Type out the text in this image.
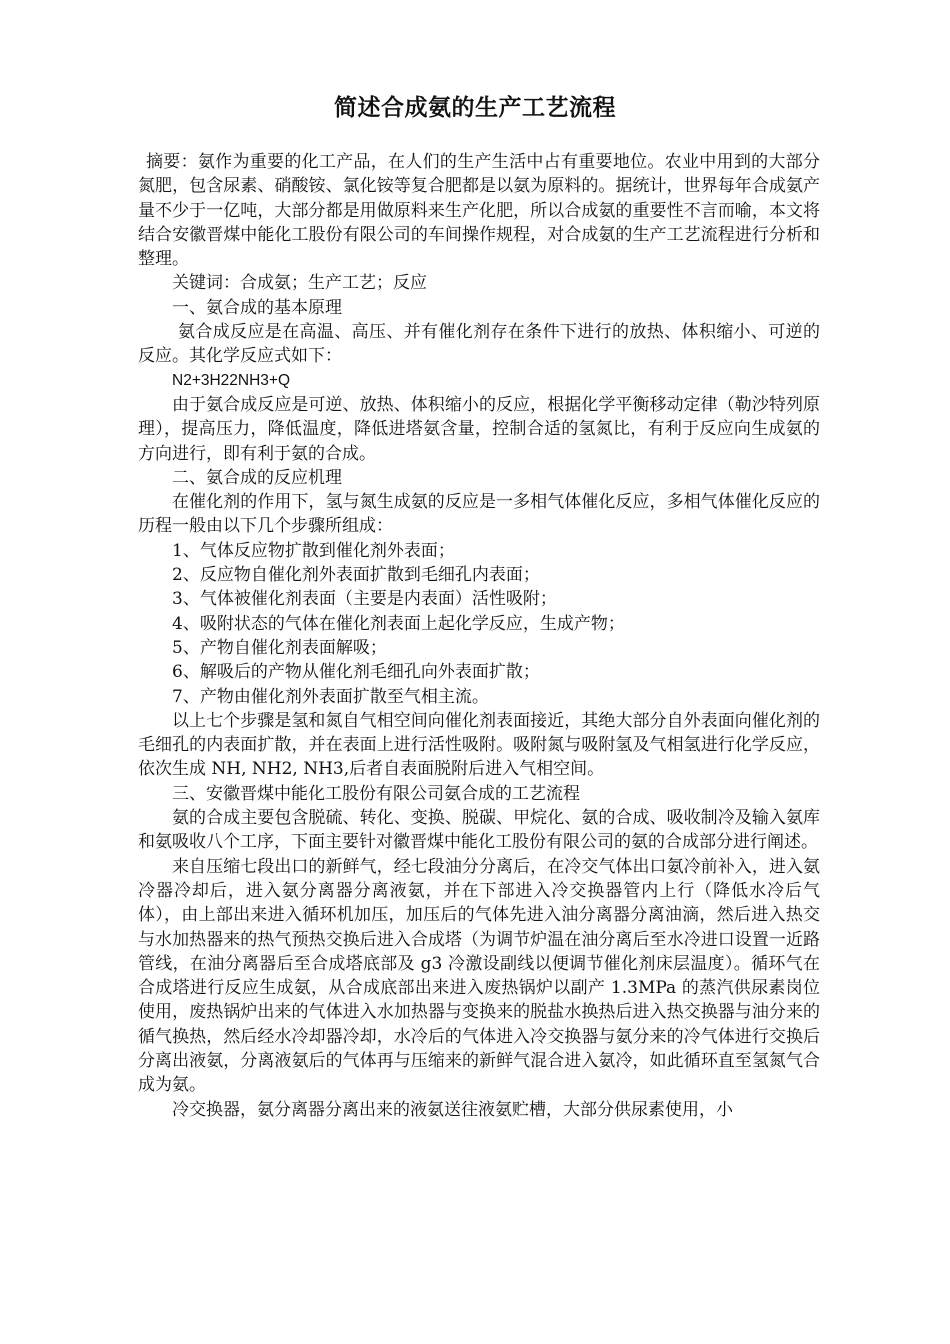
简述合成氨的生产工艺流程

摘要：氨作为重要的化工产品，在人们的生产生活中占有重要地位。农业中用到的大部分氮肥，包含尿素、硝酸铵、氯化铵等复合肥都是以氨为原料的。据统计，世界每年合成氨产量不少于一亿吨，大部分都是用做原料来生产化肥，所以合成氨的重要性不言而喻，本文将结合安徽晋煤中能化工股份有限公司的车间操作规程，对合成氨的生产工艺流程进行分析和整理。

关键词：合成氨；生产工艺；反应

一、氨合成的基本原理

氨合成反应是在高温、高压、并有催化剂存在条件下进行的放热、体积缩小、可逆的反应。其化学反应式如下：

N2+3H22NH3+Q

由于氨合成反应是可逆、放热、体积缩小的反应，根据化学平衡移动定律（勒沙特列原理），提高压力，降低温度，降低进塔氨含量，控制合适的氢氮比，有利于反应向生成氨的方向进行，即有利于氨的合成。

二、氨合成的反应机理

在催化剂的作用下，氢与氮生成氨的反应是一多相气体催化反应，多相气体催化反应的历程一般由以下几个步骤所组成：

1、气体反应物扩散到催化剂外表面；

2、反应物自催化剂外表面扩散到毛细孔内表面；

3、气体被催化剂表面（主要是内表面）活性吸附；

4、吸附状态的气体在催化剂表面上起化学反应，生成产物；

5、产物自催化剂表面解吸；

6、解吸后的产物从催化剂毛细孔向外表面扩散；

7、产物由催化剂外表面扩散至气相主流。

以上七个步骤是氢和氮自气相空间向催化剂表面接近，其绝大部分自外表面向催化剂的毛细孔的内表面扩散，并在表面上进行活性吸附。吸附氮与吸附氢及气相氢进行化学反应，依次生成 NH, NH2, NH3,后者自表面脱附后进入气相空间。

三、安徽晋煤中能化工股份有限公司氨合成的工艺流程

氨的合成主要包含脱硫、转化、变换、脱碳、甲烷化、氨的合成、吸收制冷及输入氨库和氨吸收八个工序，下面主要针对徽晋煤中能化工股份有限公司的氨的合成部分进行阐述。

来自压缩七段出口的新鲜气，经七段油分分离后，在冷交气体出口氨冷前补入，进入氨冷器冷却后，进入氨分离器分离液氨，并在下部进入冷交换器管内上行（降低水冷后气体），由上部出来进入循环机加压，加压后的气体先进入油分离器分离油滴，然后进入热交与水加热器来的热气预热交换后进入合成塔（为调节炉温在油分离后至水冷进口设置一近路管线，在油分离器后至合成塔底部及 g3 冷激设副线以便调节催化剂床层温度）。循环气在合成塔进行反应生成氨，从合成底部出来进入废热锅炉以副产 1.3MPa 的蒸汽供尿素岗位使用，废热锅炉出来的气体进入水加热器与变换来的脱盐水换热后进入热交换器与油分来的循气换热，然后经水冷却器冷却，水冷后的气体进入冷交换器与氨分来的冷气体进行交换后分离出液氨，分离液氨后的气体再与压缩来的新鲜气混合进入氨冷，如此循环直至氢氮气合成为氨。

冷交换器，氨分离器分离出来的液氨送往液氨贮槽，大部分供尿素使用，小
